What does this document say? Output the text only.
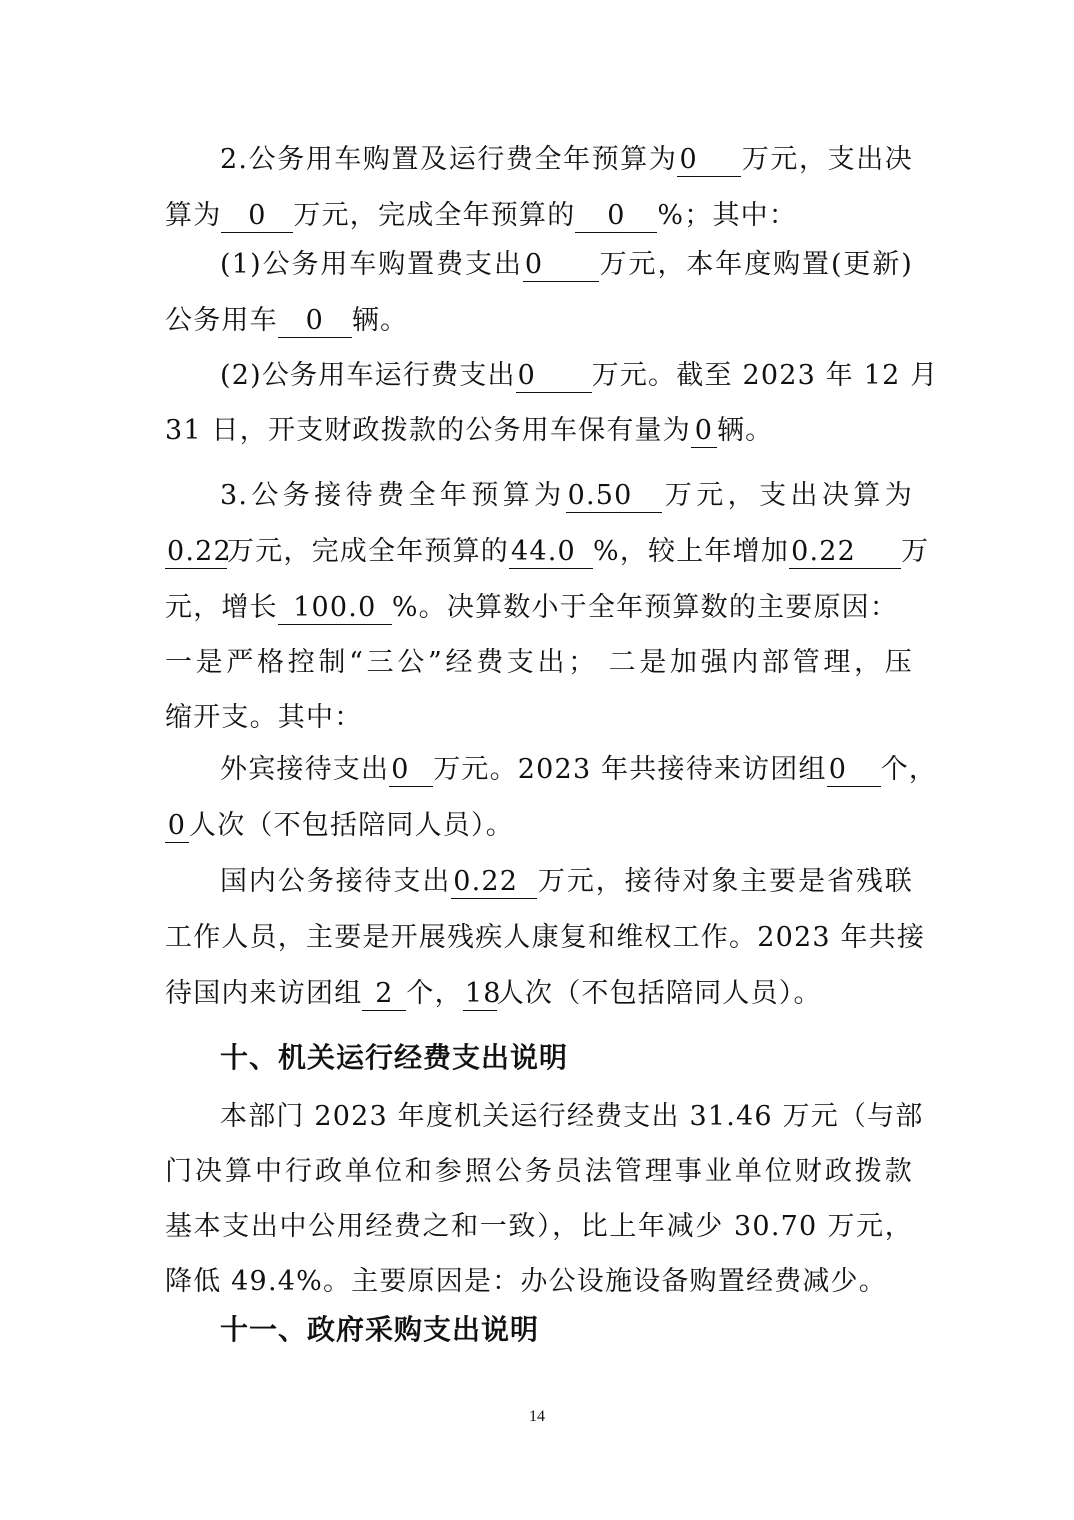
2.公务用车购置及运行费全年预算为0 万元，支出决
算为 0 万元，完成全年预算的 0 %；其中：
(1)公务用车购置费支出0 万元，本年度购置(更新)
公务用车 0 辆。
(2)公务用车运行费支出0 万元。截至 2023 年 12 月
31 日，开支财政拨款的公务用车保有量为 0 辆。
3.公务接待费全年预算为0.50 万元，支出决算为
0.22万元，完成全年预算的44.0 %，较上年增加0.22 万
元，增长 100.0 %。决算数小于全年预算数的主要原因：
一是严格控制“三公”经费支出； 二是加强内部管理，压
缩开支。其中：
外宾接待支出0 万元。2023 年共接待来访团组0 个，
0 人次（不包括陪同人员）。
国内公务接待支出0.22 万元，接待对象主要是省残联
工作人员，主要是开展残疾人康复和维权工作。2023 年共接
待国内来访团组 2 个，18人次（不包括陪同人员）。
十、机关运行经费支出说明
本部门 2023 年度机关运行经费支出 31.46 万元（与部
门决算中行政单位和参照公务员法管理事业单位财政拨款
基本支出中公用经费之和一致），比上年减少 30.70 万元，
降低 49.4%。主要原因是：办公设施设备购置经费减少。
十一、政府采购支出说明
14
